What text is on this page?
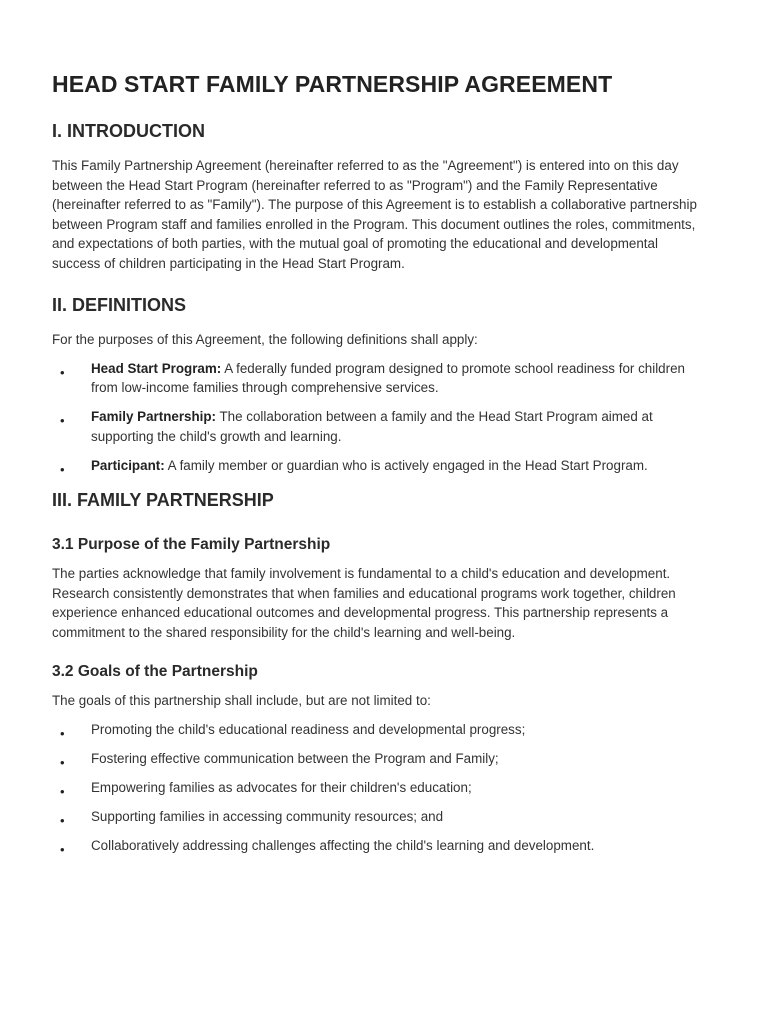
HEAD START FAMILY PARTNERSHIP AGREEMENT
I. INTRODUCTION

This Family Partnership Agreement (hereinafter referred to as the "Agreement") is entered into on this day between the Head Start Program (hereinafter referred to as "Program") and the Family Representative (hereinafter referred to as "Family"). The purpose of this Agreement is to establish a collaborative partnership between Program staff and families enrolled in the Program. This document outlines the roles, commitments, and expectations of both parties, with the mutual goal of promoting the educational and developmental success of children participating in the Head Start Program.

II. DEFINITIONS

For the purposes of this Agreement, the following definitions shall apply:

• Head Start Program: A federally funded program designed to promote school readiness for children from low-income families through comprehensive services.
• Family Partnership: The collaboration between a family and the Head Start Program aimed at supporting the child's growth and learning.
• Participant: A family member or guardian who is actively engaged in the Head Start Program.
III. FAMILY PARTNERSHIP
3.1 Purpose of the Family Partnership

The parties acknowledge that family involvement is fundamental to a child's education and development. Research consistently demonstrates that when families and educational programs work together, children experience enhanced educational outcomes and developmental progress. This partnership represents a commitment to the shared responsibility for the child's learning and well-being.

3.2 Goals of the Partnership

The goals of this partnership shall include, but are not limited to:

• Promoting the child's educational readiness and developmental progress;
• Fostering effective communication between the Program and Family;
• Empowering families as advocates for their children's education;
• Supporting families in accessing community resources; and
• Collaboratively addressing challenges affecting the child's learning and development.
